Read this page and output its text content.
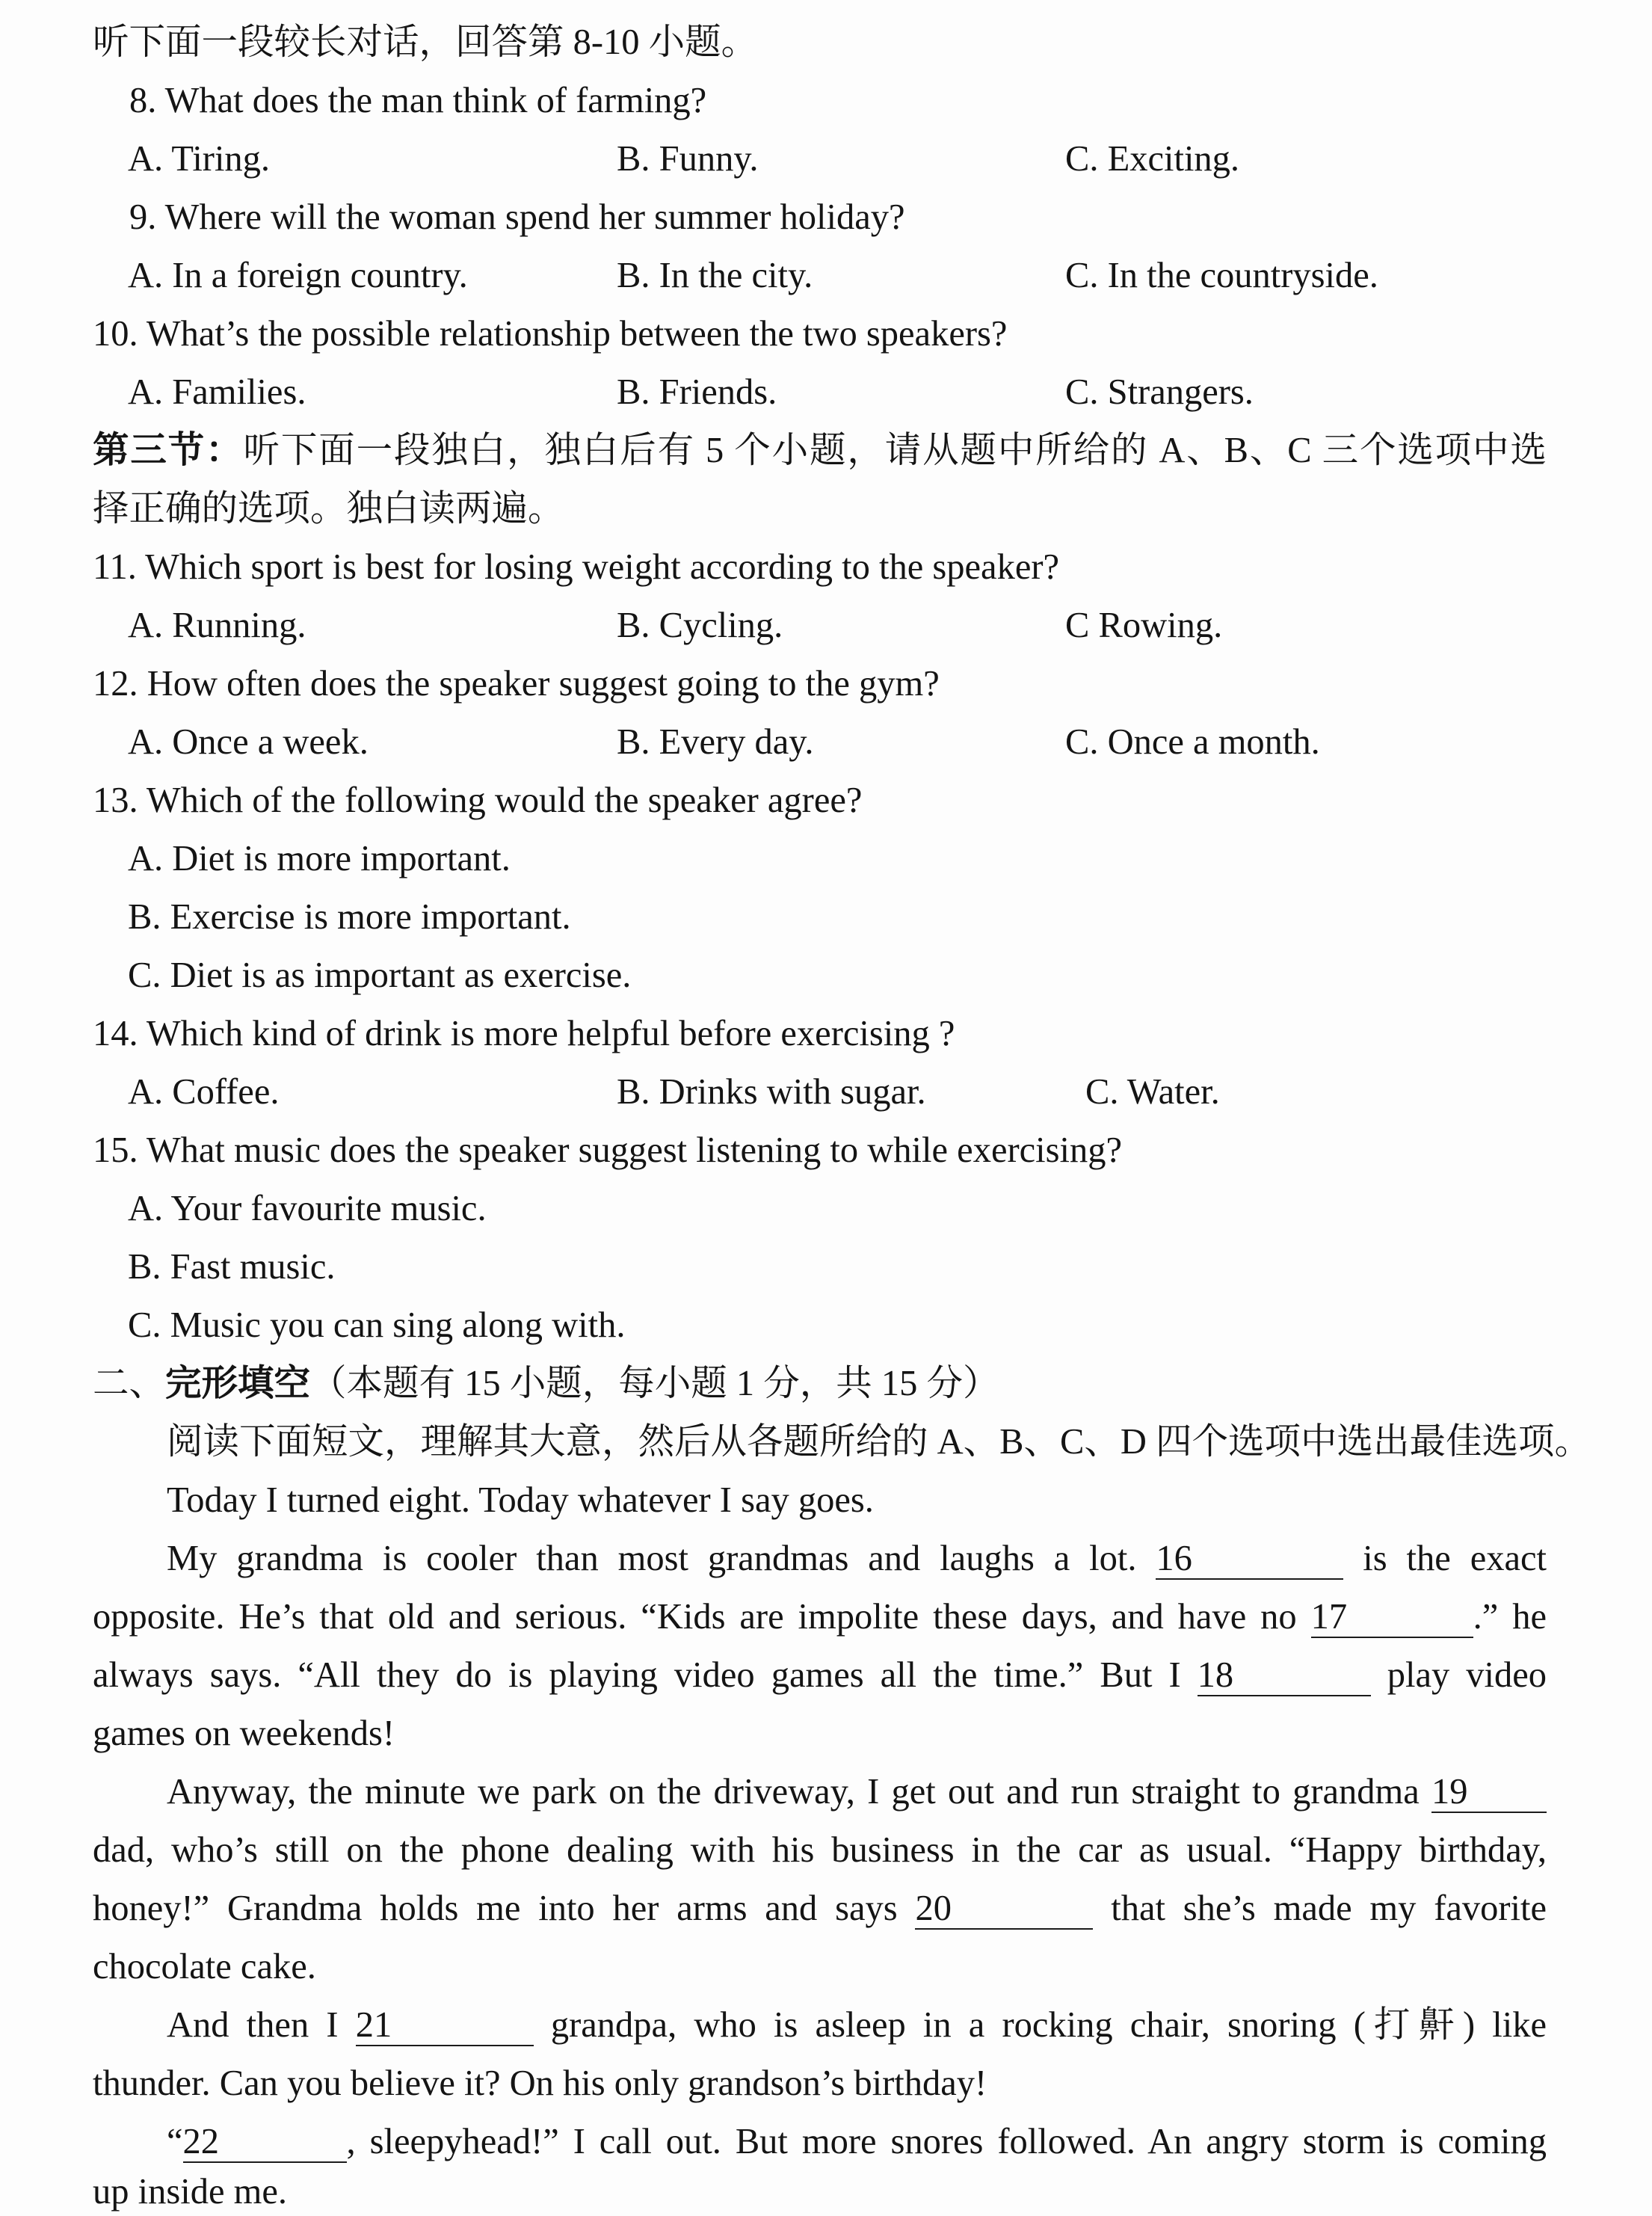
听下面一段较长对话，回答第 8-10 小题。
8. What does the man think of farming?
A. Tiring.	B. Funny.	C. Exciting.
9. Where will the woman spend her summer holiday?
A. In a foreign country.	B. In the city.	C. In the countryside.
10. What’s the possible relationship between the two speakers?
A. Families.	B. Friends.	C. Strangers.
第三节：听下面一段独白，独白后有 5 个小题，请从题中所给的 A、B、C 三个选项中选
择正确的选项。独白读两遍。
11. Which sport is best for losing weight according to the speaker?
A. Running.	B. Cycling.	C Rowing.
12. How often does the speaker suggest going to the gym?
A. Once a week.	B. Every day.	C. Once a month.
13. Which of the following would the speaker agree?
A. Diet is more important.
B. Exercise is more important.
C. Diet is as important as exercise.
14. Which kind of drink is more helpful before exercising ?
A. Coffee.	B. Drinks with sugar.	C. Water.
15. What music does the speaker suggest listening to while exercising?
A. Your favourite music.
B. Fast music.
C. Music you can sing along with.
二、完形填空（本题有 15 小题，每小题 1 分，共 15 分）
阅读下面短文，理解其大意，然后从各题所给的 A、B、C、D 四个选项中选出最佳选项。
Today I turned eight. Today whatever I say goes.
My grandma is cooler than most grandmas and laughs a lot. 16	is the exact
opposite. He’s that old and serious. “Kids are impolite these days, and have no 17	.” he
always says. “All they do is playing video games all the time.” But I 18	play video
games on weekends!
Anyway, the minute we park on the driveway, I get out and run straight to grandma 19
dad, who’s still on the phone dealing with his business in the car as usual. “Happy birthday,
honey!” Grandma holds me into her arms and says 20	that she’s made my favorite
chocolate cake.
And then I 21	grandpa, who is asleep in a rocking chair, snoring (打鼾) like
thunder. Can you believe it? On his only grandson’s birthday!
“22	, sleepyhead!” I call out. But more snores followed. An angry storm is coming
up inside me.
